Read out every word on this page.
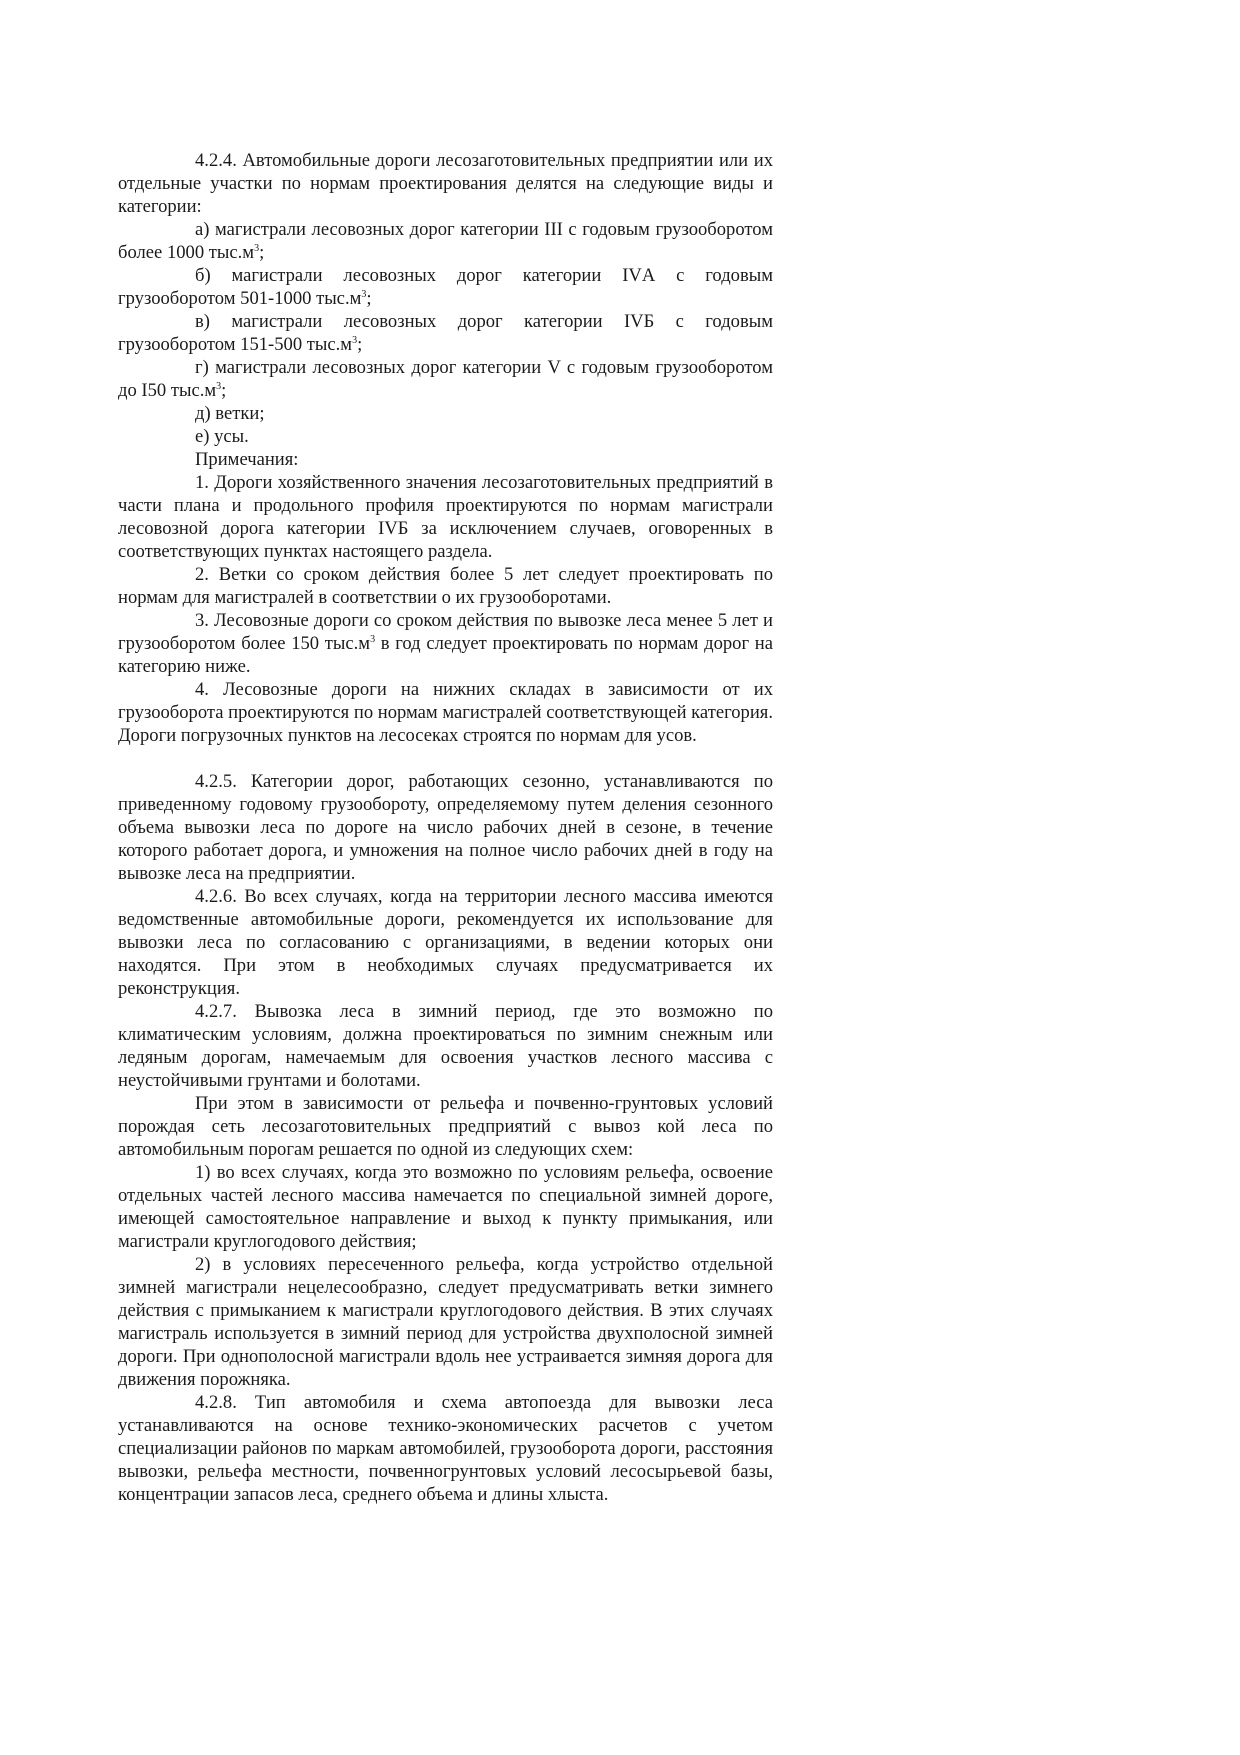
4.2.4. Автомобильные дороги лесозаготовительных предприятии или их отдельные участки по нормам проектирования делятся на следующие виды и категории:

а) магистрали лесовозных дорог категории III с годовым грузооборотом более 1000 $тыс.м^3$;

б) магистрали лесовозных дорог категории IVА с годовым грузооборотом 501-1000 $тыс.м^3$;

в) магистрали лесовозных дорог категории IVБ с годовым грузооборотом 151-500 $тыс.м^3$;

г) магистрали лесовозных дорог категории V с годовым грузооборотом до I50 $тыс.м^3$;

д) ветки;

е) усы.

Примечания:

1. Дороги хозяйственного значения лесозаготовительных предприятий в части плана и продольного профиля проектируются по нормам магистрали лесовозной дорога категории IVБ за исключением случаев, оговоренных в соответствующих пунктах настоящего раздела.

2. Ветки со сроком действия более 5 лет следует проектировать по нормам для магистралей в соответствии о их грузооборотами.

3. Лесовозные дороги со сроком действия по вывозке леса менее 5 лет и грузооборотом более 150 $тыс.м^3$ в год следует проектировать по нормам дорог на категорию ниже.

4. Лесовозные дороги на нижних складах в зависимости от их грузооборота проектируются по нормам магистралей соответствующей категория. Дороги погрузочных пунктов на лесосеках строятся по нормам для усов.

4.2.5. Категории дорог, работающих сезонно, устанавливаются по приведенному годовому грузообороту, определяемому путем деления сезонного объема вывозки леса по дороге на число рабочих дней в сезоне, в течение которого работает дорога, и умножения на полное число рабочих дней в году на вывозке леса на предприятии.

4.2.6. Во всех случаях, когда на территории лесного массива имеются ведомственные автомобильные дороги, рекомендуется их использование для вывозки леса по согласованию с организациями, в ведении которых они находятся. При этом в необходимых случаях предусматривается их реконструкция.

4.2.7. Вывозка леса в зимний период, где это возможно по климатическим условиям, должна проектироваться по зимним снежным или ледяным дорогам, намечаемым для освоения участков лесного массива с неустойчивыми грунтами и болотами.

При этом в зависимости от рельефа и почвенно-грунтовых условий порождая сеть лесозаготовительных предприятий с вывоз кой леса по автомобильным порогам решается по одной из следующих схем:

1) во всех случаях, когда это возможно по условиям рельефа, освоение отдельных частей лесного массива намечается по специальной зимней дороге, имеющей самостоятельное направление и выход к пункту примыкания, или магистрали круглогодового действия;

2) в условиях пересеченного рельефа, когда устройство отдельной зимней магистрали нецелесообразно, следует предусматривать ветки зимнего действия с примыканием к магистрали круглогодового действия. В этих случаях магистраль используется в зимний период для устройства двухполосной зимней дороги. При однополосной магистрали вдоль нее устраивается зимняя дорога для движения порожняка.

4.2.8. Тип автомобиля и схема автопоезда для вывозки леса устанавливаются на основе технико-экономических расчетов с учетом специализации районов по маркам автомобилей, грузооборота дороги, расстояния вывозки, рельефа местности, почвенногрунтовых условий лесосырьевой базы, концентрации запасов леса, среднего объема и длины хлыста.
